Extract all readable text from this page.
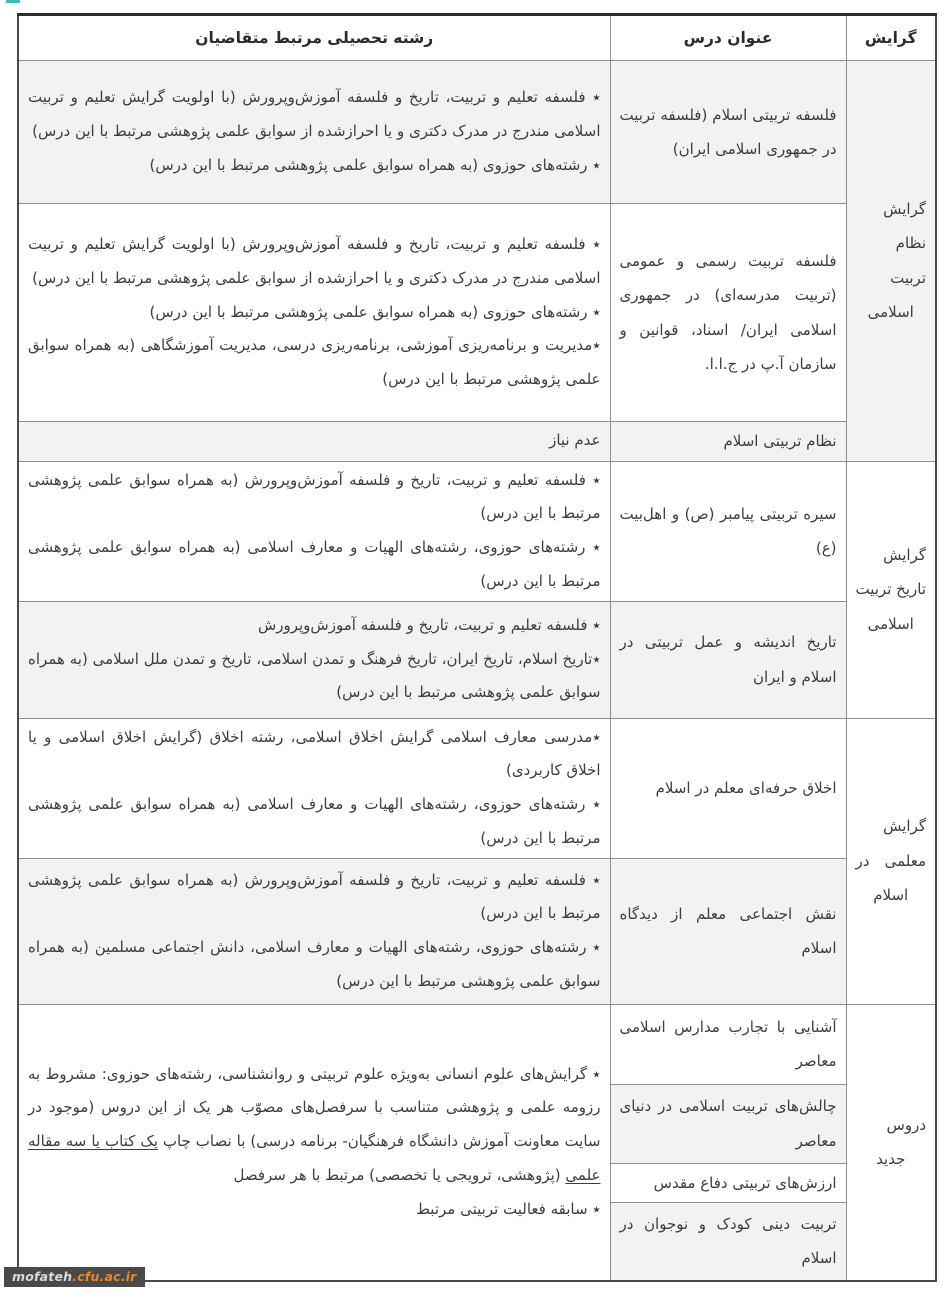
گرایش	عنوان درس	رشته تحصیلی مرتبط متقاضیان
گرایش نظام تربیت اسلامی	فلسفه تربیتی اسلام (فلسفه تربیت در جمهوری اسلامی ایران)	٭ فلسفه تعلیم و تربیت، تاریخ و فلسفه آموزش‌وپرورش (با اولویت گرایش تعلیم و تربیت اسلامی مندرج در مدرک دکتری و یا احرازشده از سوابق علمی پژوهشی مرتبط با این درس)

٭ رشته‌های حوزوی (به همراه سوابق علمی پژوهشی مرتبط با این درس)

	فلسفه تربیت رسمی و عمومی (تربیت مدرسه‌ای) در جمهوری اسلامی ایران/ اسناد، قوانین و سازمان آ.پ در ج.ا.ا.	٭ فلسفه تعلیم و تربیت، تاریخ و فلسفه آموزش‌وپرورش (با اولویت گرایش تعلیم و تربیت اسلامی مندرج در مدرک دکتری و یا احرازشده از سوابق علمی پژوهشی مرتبط با این درس)

٭ رشته‌های حوزوی (به همراه سوابق علمی پژوهشی مرتبط با این درس)

٭مدیریت و برنامه‌ریزی آموزشی، برنامه‌ریزی درسی، مدیریت آموزشگاهی (به همراه سوابق علمی پژوهشی مرتبط با این درس)

	نظام تربیتی اسلام	عدم نیاز

گرایش تاریخ تربیت اسلامی	سیره تربیتی پیامبر (ص) و اهل‌بیت (ع)	٭ فلسفه تعلیم و تربیت، تاریخ و فلسفه آموزش‌وپرورش (به همراه سوابق علمی پژوهشی مرتبط با این درس)

٭ رشته‌های حوزوی، رشته‌های الهیات و معارف اسلامی (به همراه سوابق علمی پژوهشی مرتبط با این درس)

	تاریخ اندیشه و عمل تربیتی در اسلام و ایران	٭ فلسفه تعلیم و تربیت، تاریخ و فلسفه آموزش‌وپرورش

٭تاریخ اسلام، تاریخ ایران، تاریخ فرهنگ و تمدن اسلامی، تاریخ و تمدن ملل اسلامی (به همراه سوابق علمی پژوهشی مرتبط با این درس)

گرایش معلمی در اسلام	اخلاق حرفه‌ای معلم در اسلام	٭مدرسی معارف اسلامی گرایش اخلاق اسلامی، رشته اخلاق (گرایش اخلاق اسلامی و یا اخلاق کاربردی)

٭ رشته‌های حوزوی، رشته‌های الهیات و معارف اسلامی (به همراه سوابق علمی پژوهشی مرتبط با این درس)

	نقش اجتماعی معلم از دیدگاه اسلام	٭ فلسفه تعلیم و تربیت، تاریخ و فلسفه آموزش‌وپرورش (به همراه سوابق علمی پژوهشی مرتبط با این درس)

٭ رشته‌های حوزوی، رشته‌های الهیات و معارف اسلامی، دانش اجتماعی مسلمین (به همراه سوابق علمی پژوهشی مرتبط با این درس)

دروس جدید	آشنایی با تجارب مدارس اسلامی معاصر	٭ گرایش‌های علوم انسانی به‌ویژه علوم تربیتی و روانشناسی، رشته‌های حوزوی: مشروط به رزومه علمی و پژوهشی متناسب با سرفصل‌های مصوّب هر یک از این دروس (موجود در سایت معاونت آموزش دانشگاه فرهنگیان- برنامه درسی) با نصاب چاپ یک کتاب یا سه مقاله علمی (پژوهشی، ترویجی یا تخصصی) مرتبط با هر سرفصل

٭ سابقه فعالیت تربیتی مرتبط

	چالش‌های تربیت اسلامی در دنیای معاصر	
	ارزش‌های تربیتی دفاع مقدس	
	تربیت دینی کودک و نوجوان در اسلام	
mofateh.cfu.ac.ir
